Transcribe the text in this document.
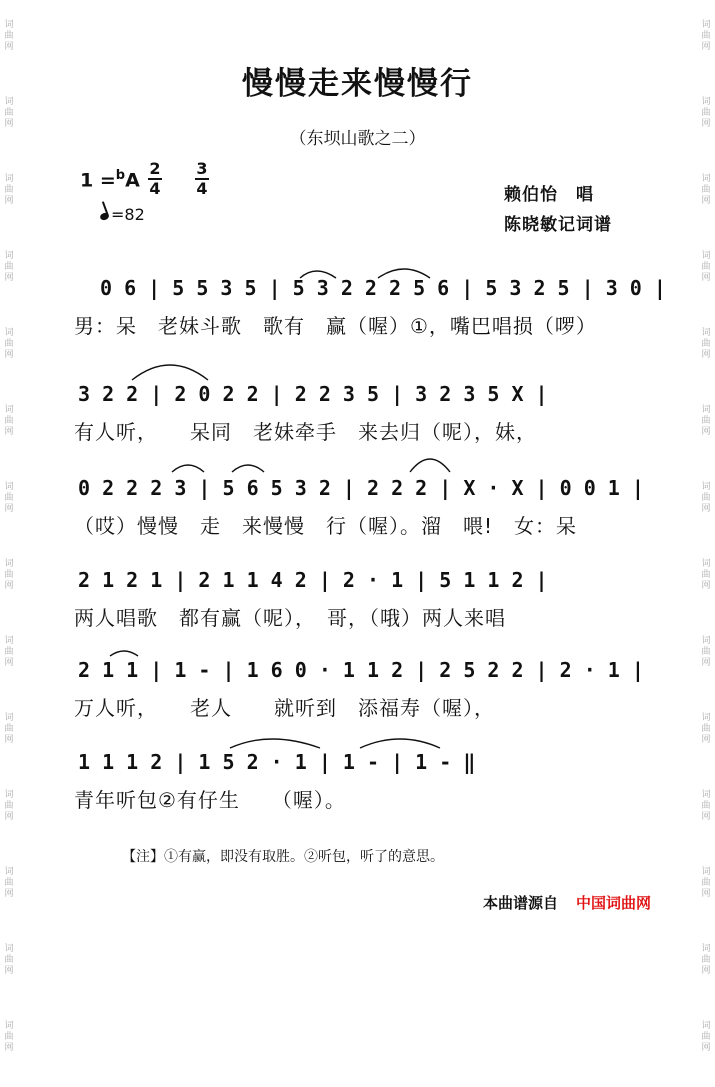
词
曲
网

词
曲
网

词
曲
网

词
曲
网

词
曲
网

词
曲
网

词
曲
网

词
曲
网

词
曲
网

词
曲
网

词
曲
网

词
曲
网

词
曲
网

词
曲
网

词
曲
网

词
曲
网

词
曲
网

词
曲
网

词
曲
网

词
曲
网

词
曲
网

词
曲
网

词
曲
网

词
曲
网

词
曲
网

词
曲
网

词
曲
网

词
曲
网

慢慢走来慢慢行
（东坝山歌之二）
1 =$^b$A
2
4
3
4
=82
赖伯怡　唱
陈晓敏记词谱
0 6 | 5 5 3 5 | 5 3 2 2 2 5 6 | 5 3 2 5 | 3 0 |
男：呆　老妹斗歌　歌有　赢（喔）①，嘴巴唱损（啰）
3 2 2 | 2 0 2 2 | 2 2 3 5 | 3 2 3 5 X |
有人听，　　呆同　老妹牵手　来去归（呢），妹，
0 2 2 2 3 | 5 6 5 3 2 | 2 2 2 | X · X | 0 0 1 |
（哎）慢慢　走　来慢慢　行（喔）。溜　喂!　女：呆
2 1 2 1 | 2 1 1 4 2 | 2 · 1 | 5 1 1 2 |
两人唱歌　都有赢（呢），　哥，（哦）两人来唱
2 1 1 | 1 - | 1 6 0 · 1 1 2 | 2 5 2 2 | 2 · 1 |
万人听，　　老人　　就听到　添福寿（喔），
1 1 1 2 | 1 5 2 · 1 | 1 - | 1 - ‖
青年听包②有仔生　　（喔）。
【注】①有赢，即没有取胜。②听包，听了的意思。
本曲谱源自 中国词曲网
